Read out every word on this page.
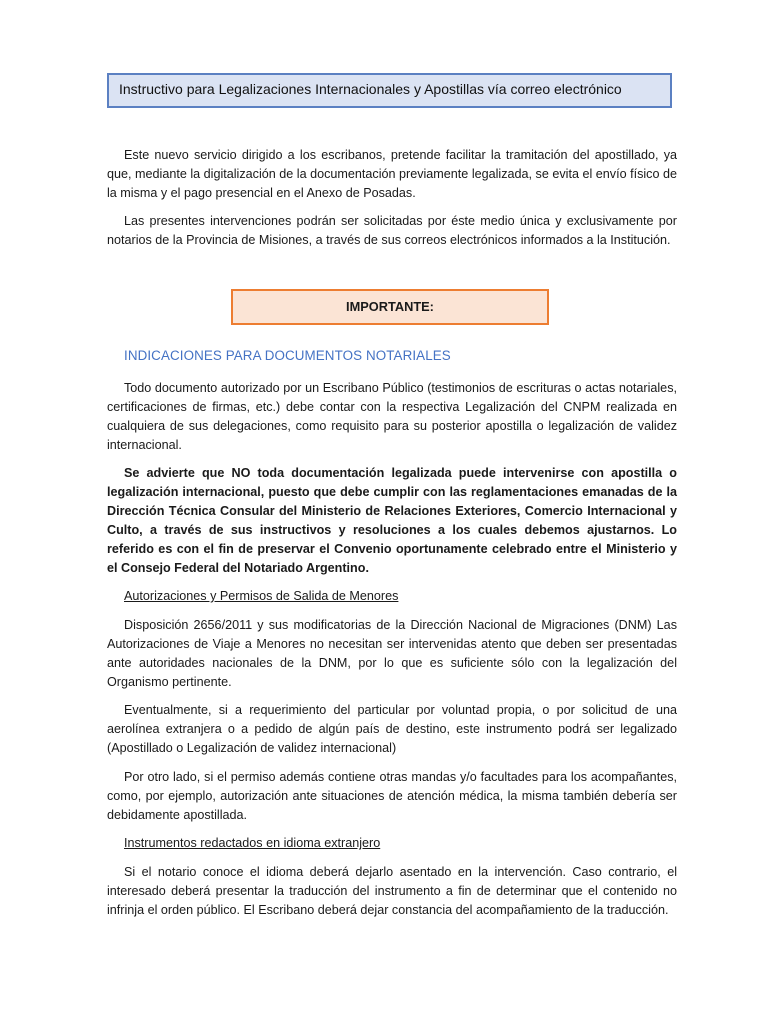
Instructivo para Legalizaciones Internacionales y Apostillas vía correo electrónico

Este nuevo servicio dirigido a los escribanos, pretende facilitar la tramitación del apostillado, ya que, mediante la digitalización de la documentación previamente legalizada, se evita el envío físico de la misma y el pago presencial en el Anexo de Posadas.

Las presentes intervenciones podrán ser solicitadas por éste medio única y exclusivamente por notarios de la Provincia de Misiones, a través de sus correos electrónicos informados a la Institución.

IMPORTANTE:
INDICACIONES PARA DOCUMENTOS NOTARIALES

Todo documento autorizado por un Escribano Público (testimonios de escrituras o actas notariales, certificaciones de firmas, etc.) debe contar con la respectiva Legalización del CNPM realizada en cualquiera de sus delegaciones, como requisito para su posterior apostilla o legalización de validez internacional.

Se advierte que NO toda documentación legalizada puede intervenirse con apostilla o legalización internacional, puesto que debe cumplir con las reglamentaciones emanadas de la Dirección Técnica Consular del Ministerio de Relaciones Exteriores, Comercio Internacional y Culto, a través de sus instructivos y resoluciones a los cuales debemos ajustarnos. Lo referido es con el fin de preservar el Convenio oportunamente celebrado entre el Ministerio y el Consejo Federal del Notariado Argentino.

Autorizaciones y Permisos de Salida de Menores

Disposición 2656/2011 y sus modificatorias de la Dirección Nacional de Migraciones (DNM) Las Autorizaciones de Viaje a Menores no necesitan ser intervenidas atento que deben ser presentadas ante autoridades nacionales de la DNM, por lo que es suficiente sólo con la legalización del Organismo pertinente.

Eventualmente, si a requerimiento del particular por voluntad propia, o por solicitud de una aerolínea extranjera o a pedido de algún país de destino, este instrumento podrá ser legalizado (Apostillado o Legalización de validez internacional)

Por otro lado, si el permiso además contiene otras mandas y/o facultades para los acompañantes, como, por ejemplo, autorización ante situaciones de atención médica, la misma también debería ser debidamente apostillada.

Instrumentos redactados en idioma extranjero

Si el notario conoce el idioma deberá dejarlo asentado en la intervención. Caso contrario, el interesado deberá presentar la traducción del instrumento a fin de determinar que el contenido no infrinja el orden público. El Escribano deberá dejar constancia del acompañamiento de la traducción.
